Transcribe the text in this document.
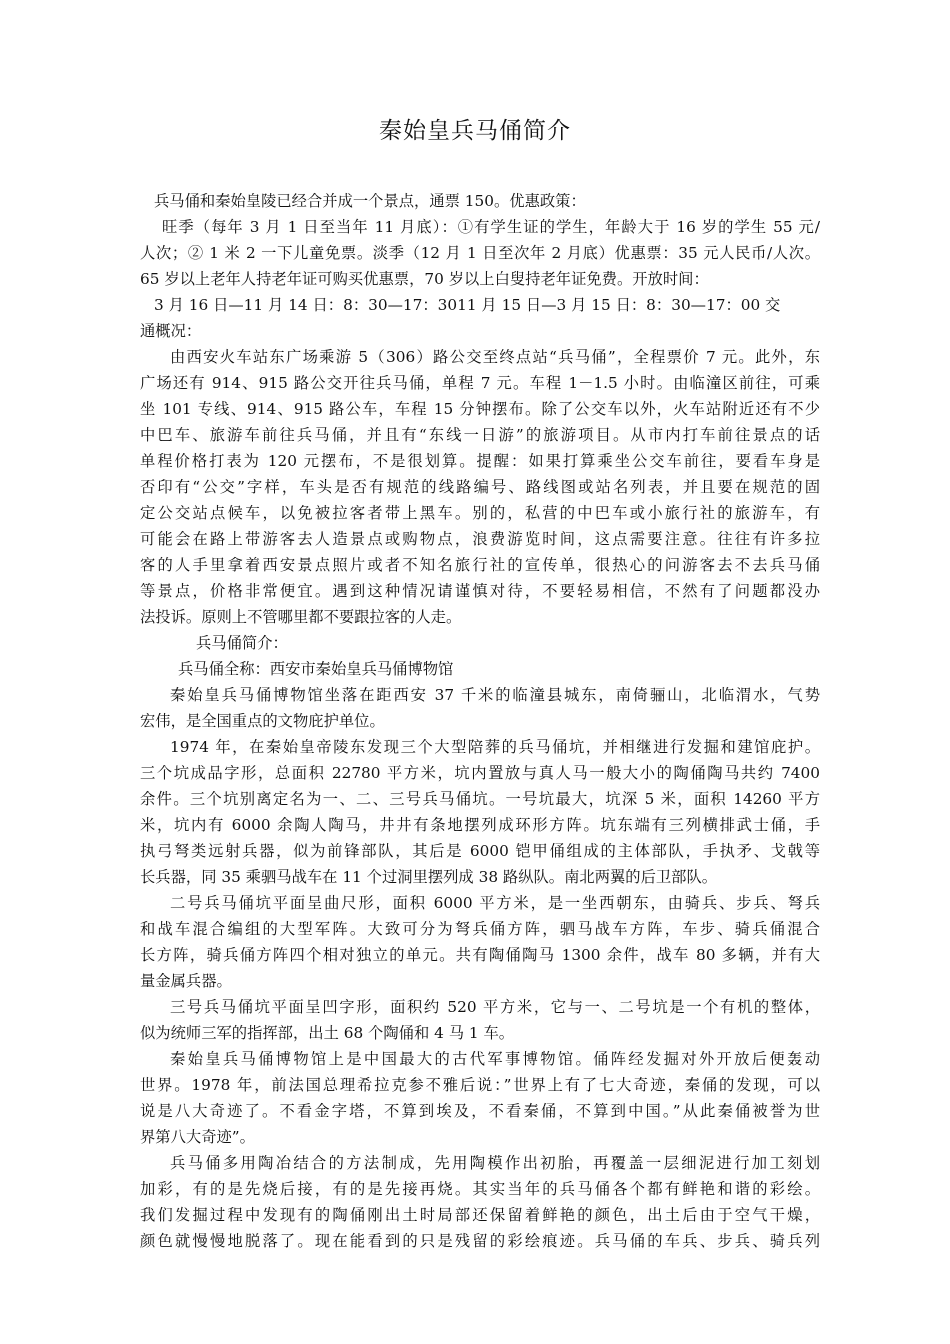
秦始皇兵马俑简介
兵马俑和秦始皇陵已经合并成一个景点，通票 150。优惠政策：
旺季（每年 3 月 1 日至当年 11 月底）：①有学生证的学生，年龄大于 16 岁的学生 55 元/
人次；② 1 米 2 一下儿童免票。淡季（12 月 1 日至次年 2 月底）优惠票：35 元人民币/人次。
65 岁以上老年人持老年证可购买优惠票，70 岁以上白叟持老年证免费。开放时间：
3 月 16 日—11 月 14 日：8：30—17：3011 月 15 日—3 月 15 日：8：30—17：00 交
通概况：
由西安火车站东广场乘游 5（306）路公交至终点站“兵马俑”，全程票价 7 元。此外，东
广场还有 914、915 路公交开往兵马俑，单程 7 元。车程 1－1.5 小时。由临潼区前往，可乘
坐 101 专线、914、915 路公车，车程 15 分钟摆布。除了公交车以外，火车站附近还有不少
中巴车、旅游车前往兵马俑，并且有“东线一日游”的旅游项目。从市内打车前往景点的话
单程价格打表为 120 元摆布，不是很划算。提醒：如果打算乘坐公交车前往，要看车身是
否印有“公交”字样，车头是否有规范的线路编号、路线图或站名列表，并且要在规范的固
定公交站点候车，以免被拉客者带上黑车。别的，私营的中巴车或小旅行社的旅游车，有
可能会在路上带游客去人造景点或购物点，浪费游览时间，这点需要注意。往往有许多拉
客的人手里拿着西安景点照片或者不知名旅行社的宣传单，很热心的问游客去不去兵马俑
等景点，价格非常便宜。遇到这种情况请谨慎对待，不要轻易相信，不然有了问题都没办
法投诉。原则上不管哪里都不要跟拉客的人走。
兵马俑简介：
兵马俑全称：西安市秦始皇兵马俑博物馆
秦始皇兵马俑博物馆坐落在距西安 37 千米的临潼县城东，南倚骊山，北临渭水，气势
宏伟，是全国重点的文物庇护单位。
1974 年，在秦始皇帝陵东发现三个大型陪葬的兵马俑坑，并相继进行发掘和建馆庇护。
三个坑成品字形，总面积 22780 平方米，坑内置放与真人马一般大小的陶俑陶马共约 7400
余件。三个坑别离定名为一、二、三号兵马俑坑。一号坑最大，坑深 5 米，面积 14260 平方
米，坑内有 6000 余陶人陶马，井井有条地摆列成环形方阵。坑东端有三列横排武士俑，手
执弓弩类远射兵器，似为前锋部队，其后是 6000 铠甲俑组成的主体部队，手执矛、戈戟等
长兵器，同 35 乘驷马战车在 11 个过洞里摆列成 38 路纵队。南北两翼的后卫部队。
二号兵马俑坑平面呈曲尺形，面积 6000 平方米，是一坐西朝东，由骑兵、步兵、弩兵
和战车混合编组的大型军阵。大致可分为弩兵俑方阵，驷马战车方阵，车步、骑兵俑混合
长方阵，骑兵俑方阵四个相对独立的单元。共有陶俑陶马 1300 余件，战车 80 多辆，并有大
量金属兵器。
三号兵马俑坑平面呈凹字形，面积约 520 平方米，它与一、二号坑是一个有机的整体，
似为统师三军的指挥部，出土 68 个陶俑和 4 马 1 车。
秦始皇兵马俑博物馆上是中国最大的古代军事博物馆。俑阵经发掘对外开放后便轰动
世界。1978 年，前法国总理希拉克参不雅后说：”世界上有了七大奇迹，秦俑的发现，可以
说是八大奇迹了。不看金字塔，不算到埃及，不看秦俑，不算到中国。”从此秦俑被誉为世
界第八大奇迹”。
兵马俑多用陶冶结合的方法制成，先用陶模作出初胎，再覆盖一层细泥进行加工刻划
加彩，有的是先烧后接，有的是先接再烧。其实当年的兵马俑各个都有鲜艳和谐的彩绘。
我们发掘过程中发现有的陶俑刚出土时局部还保留着鲜艳的颜色，出土后由于空气干燥，
颜色就慢慢地脱落了。现在能看到的只是残留的彩绘痕迹。兵马俑的车兵、步兵、骑兵列
